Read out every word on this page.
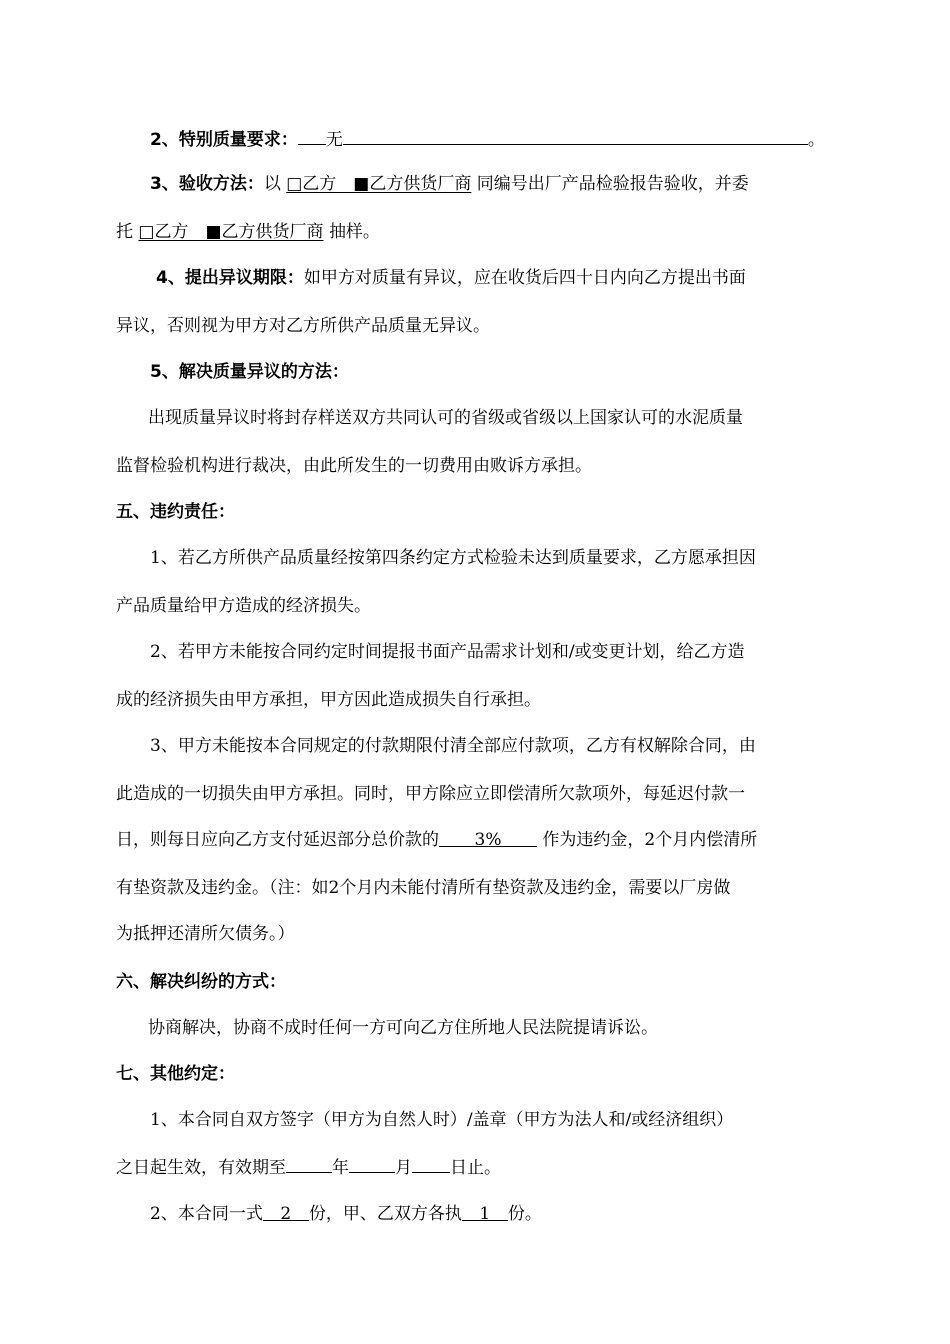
2、特别质量要求： 无	。
3、验收方法：以 □乙方　■乙方供货厂商 同编号出厂产品检验报告验收，并委
托 □乙方　■乙方供货厂商 抽样。
4、提出异议期限：如甲方对质量有异议，应在收货后四十日内向乙方提出书面
异议，否则视为甲方对乙方所供产品质量无异议。
5、解决质量异议的方法：
出现质量异议时将封存样送双方共同认可的省级或省级以上国家认可的水泥质量
监督检验机构进行裁决，由此所发生的一切费用由败诉方承担。
五、违约责任：
1、若乙方所供产品质量经按第四条约定方式检验未达到质量要求，乙方愿承担因
产品质量给甲方造成的经济损失。
2、若甲方未能按合同约定时间提报书面产品需求计划和/或变更计划，给乙方造
成的经济损失由甲方承担，甲方因此造成损失自行承担。
3、甲方未能按本合同规定的付款期限付清全部应付款项，乙方有权解除合同，由
此造成的一切损失由甲方承担。同时，甲方除应立即偿清所欠款项外，每延迟付款一
日，则每日应向乙方支付延迟部分总价款的 3% 作为违约金，2个月内偿清所
有垫资款及违约金。（注：如2个月内未能付清所有垫资款及违约金，需要以厂房做
为抵押还清所欠债务。）
六、解决纠纷的方式：
协商解决，协商不成时任何一方可向乙方住所地人民法院提请诉讼。
七、其他约定：
1、本合同自双方签字（甲方为自然人时）/盖章（甲方为法人和/或经济组织）
之日起生效，有效期至	年	月 日止。
2、本合同一式 2 份，甲、乙双方各执 1 份。
